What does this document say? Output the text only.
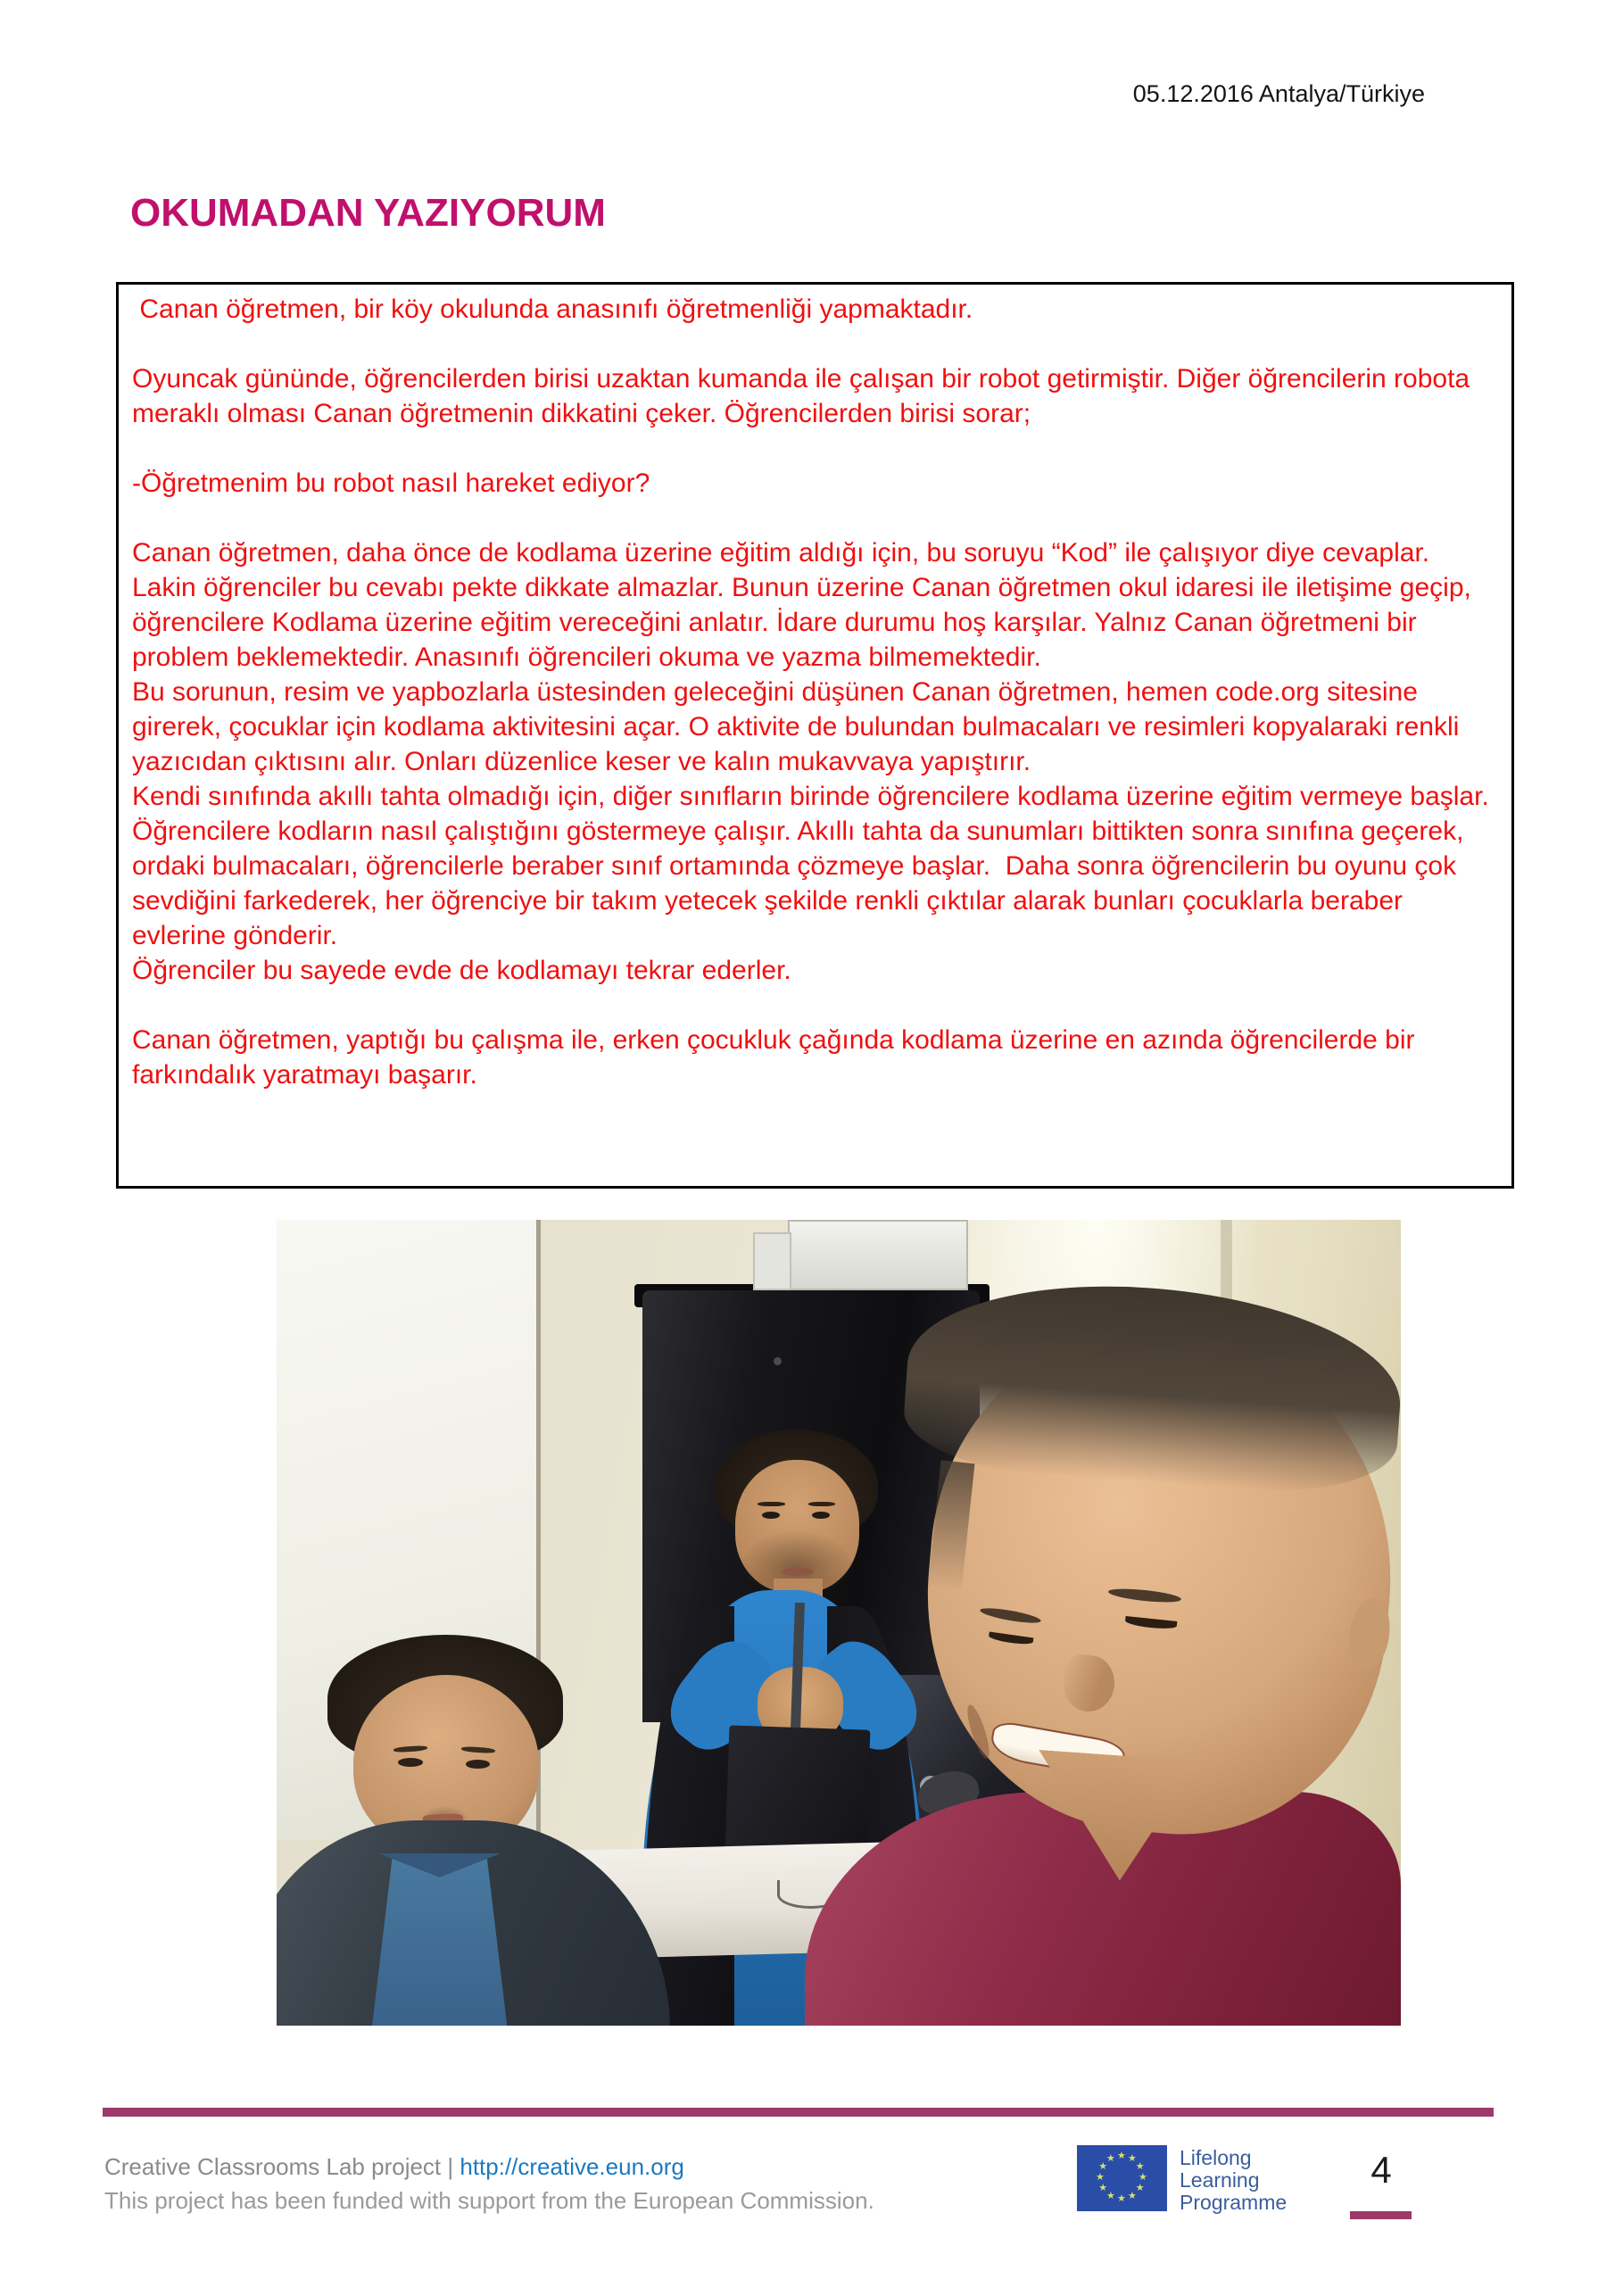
05.12.2016 Antalya/Türkiye
OKUMADAN YAZIYORUM

Canan öğretmen, bir köy okulunda anasınıfı öğretmenliği yapmaktadır.

Oyuncak gününde, öğrencilerden birisi uzaktan kumanda ile çalışan bir robot getirmiştir. Diğer öğrencilerin robota meraklı olması Canan öğretmenin dikkatini çeker. Öğrencilerden birisi sorar;

-Öğretmenim bu robot nasıl hareket ediyor?

Canan öğretmen, daha önce de kodlama üzerine eğitim aldığı için, bu soruyu “Kod” ile çalışıyor diye cevaplar. Lakin öğrenciler bu cevabı pekte dikkate almazlar. Bunun üzerine Canan öğretmen okul idaresi ile iletişime geçip, öğrencilere Kodlama üzerine eğitim vereceğini anlatır. İdare durumu hoş karşılar. Yalnız Canan öğretmeni bir problem beklemektedir. Anasınıfı öğrencileri okuma ve yazma bilmemektedir.

Bu sorunun, resim ve yapbozlarla üstesinden geleceğini düşünen Canan öğretmen, hemen code.org sitesine girerek, çocuklar için kodlama aktivitesini açar. O aktivite de bulundan bulmacaları ve resimleri kopyalaraki renkli yazıcıdan çıktısını alır. Onları düzenlice keser ve kalın mukavvaya yapıştırır.

Kendi sınıfında akıllı tahta olmadığı için, diğer sınıfların birinde öğrencilere kodlama üzerine eğitim vermeye başlar. Öğrencilere kodların nasıl çalıştığını göstermeye çalışır. Akıllı tahta da sunumları bittikten sonra sınıfına geçerek, ordaki bulmacaları, öğrencilerle beraber sınıf ortamında çözmeye başlar.  Daha sonra öğrencilerin bu oyunu çok sevdiğini farkederek, her öğrenciye bir takım yetecek şekilde renkli çıktılar alarak bunları çocuklarla beraber evlerine gönderir.

Öğrenciler bu sayede evde de kodlamayı tekrar ederler.

Canan öğretmen, yaptığı bu çalışma ile, erken çocukluk çağında kodlama üzerine en azında öğrencilerde bir farkındalık yaratmayı başarır.

Creative Classrooms Lab project | http://creative.eun.org
This project has been funded with support from the European Commission.
★ ★
★
★
★
★
★
★
★
★
★
★	Lifelong
Learning
Programme
4
